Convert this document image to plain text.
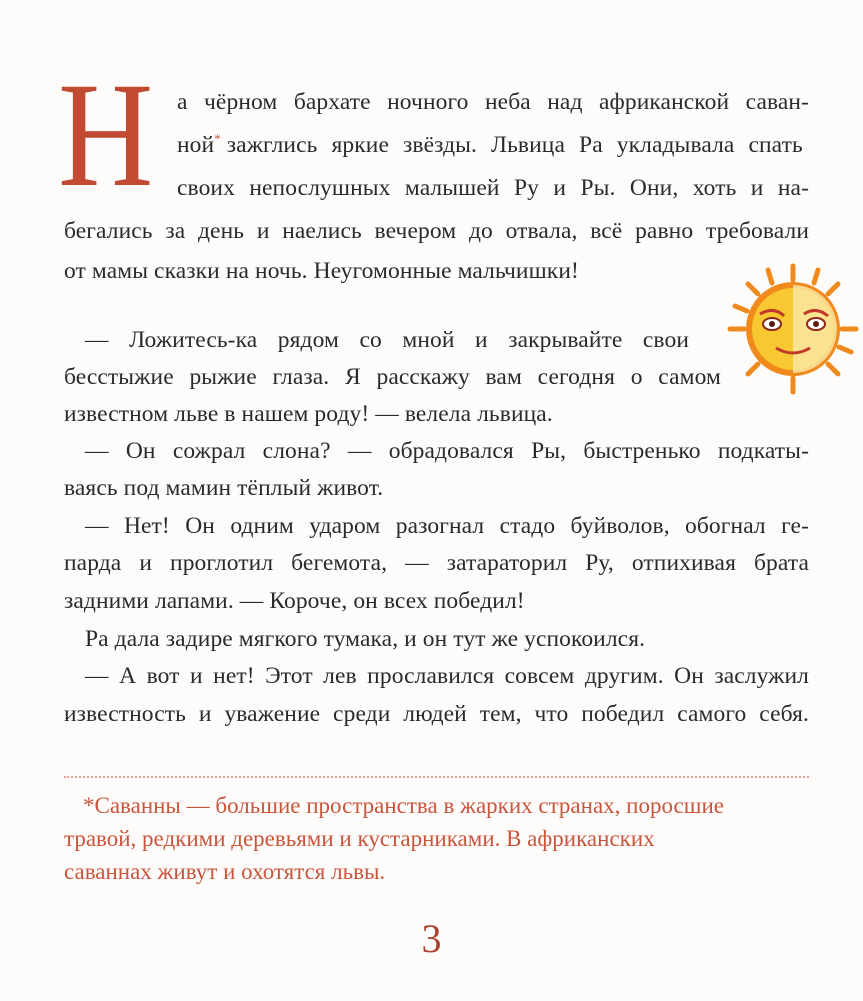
Н а чёрном бархате ночного неба над африканской саван-
ной* зажглись яркие звёзды. Львица Ра укладывала спать
своих непослушных малышей Ру и Ры. Они, хоть и на-
бегались за день и наелись вечером до отвала, всё равно требовали
от мамы сказки на ночь. Неугомонные мальчишки!
— Ложитесь-ка рядом со мной и закрывайте свои
бесстыжие рыжие глаза. Я расскажу вам сегодня о самом
известном льве в нашем роду! — велела львица.
— Он сожрал слона? — обрадовался Ры, быстренько подкаты-
ваясь под мамин тёплый живот.
— Нет! Он одним ударом разогнал стадо буйволов, обогнал ге-
парда и проглотил бегемота, — затараторил Ру, отпихивая брата
задними лапами. — Короче, он всех победил!
Ра дала задире мягкого тумака, и он тут же успокоился.
— А вот и нет! Этот лев прославился совсем другим. Он заслужил
известность и уважение среди людей тем, что победил самого себя.
*Саванны — большие пространства в жарких странах, поросшие
травой, редкими деревьями и кустарниками. В африканских
саваннах живут и охотятся львы.
3
